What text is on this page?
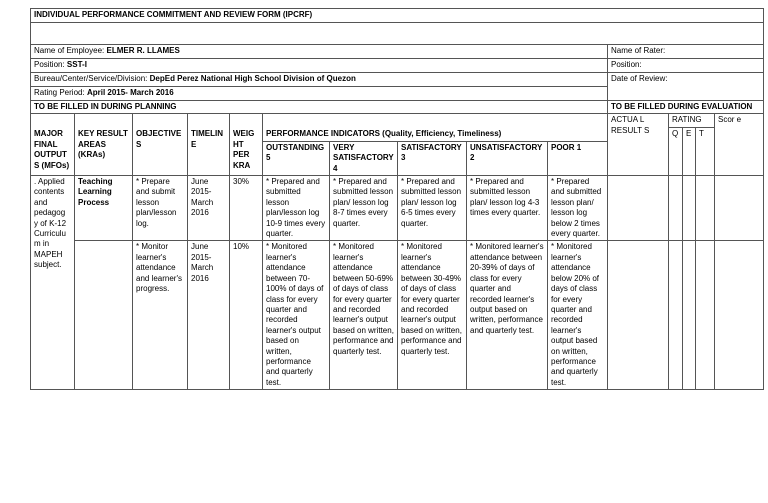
INDIVIDUAL PERFORMANCE COMMITMENT AND REVIEW FORM (IPCRF)														

Name of Employee: ELMER R. LLAMES										Name of Rater:				
Position: SST-I										Position:				
Bureau/Center/Service/Division: DepEd Perez National High School Division of Quezon										Date of Review:				
Rating Period: April 2015- March 2016														
TO BE FILLED IN DURING PLANNING										TO BE FILLED DURING EVALUATION				

MAJOR FINAL OUTPUT S (MFOs)	KEY RESULT AREAS (KRAs)	OBJECTIVES	TIMELIN E	WEIG HT PER KRA	PERFORMANCE INDICATORS (Quality, Efficiency, Timeliness)					ACTUA L RESULT S	RATING			Scor e
											Q	E	T	
					OUTSTANDING 5	VERY SATISFACTORY 4	SATISFACTORY 3	UNSATISFACTORY 2	POOR 1					
. Applied contents and pedagog y of K-12 Curriculu m in MAPEH subject.	Teaching Learning Process	* Prepare and submit lesson plan/lesson log.	June 2015-March 2016	30%	* Prepared and submitted lesson plan/lesson log 10-9 times every quarter.	* Prepared and submitted lesson plan/ lesson log 8-7 times every quarter.	* Prepared and submitted lesson plan/ lesson log 6-5 times every quarter.	* Prepared and submitted lesson plan/ lesson log 4-3 times every quarter.	* Prepared and submitted lesson plan/ lesson log below 2 times every quarter.					
		* Monitor learner's attendance and learner's progress.	June 2015-March 2016	10%	* Monitored learner's attendance between 70-100% of days of class for every quarter and recorded learner's output based on written, performance and quarterly test.	* Monitored learner's attendance between 50-69% of days of class for every quarter and recorded learner's output based on written, performance and quarterly test.	* Monitored learner's attendance between 30-49% of days of class for every quarter and recorded learner's output based on written, performance and quarterly test.	* Monitored learner's attendance between 20-39% of days of class for every quarter and recorded learner's output based on written, performance and quarterly test.	* Monitored learner's attendance below 20% of days of class for every quarter and recorded learner's output based on written, performance and quarterly test.					
